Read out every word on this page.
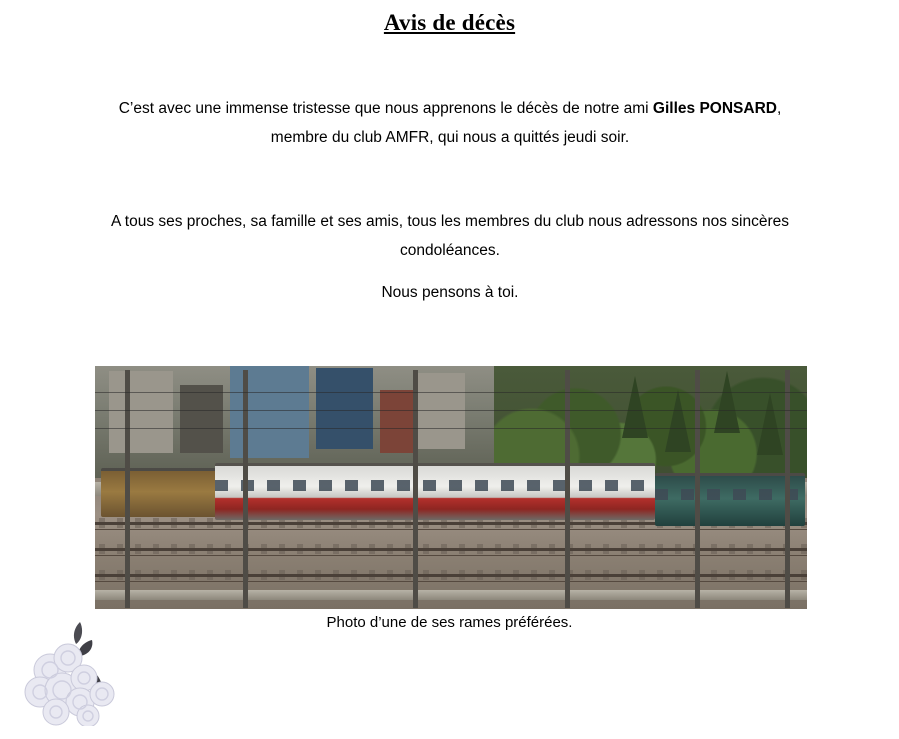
Avis de décès
C’est avec une immense tristesse que nous apprenons le décès de notre ami Gilles PONSARD, membre du club AMFR, qui nous a quittés jeudi soir.
A tous ses proches, sa famille et ses amis, tous les membres du club nous adressons nos sincères condoléances.
Nous pensons à toi.
Photo d’une de ses rames préférées.
